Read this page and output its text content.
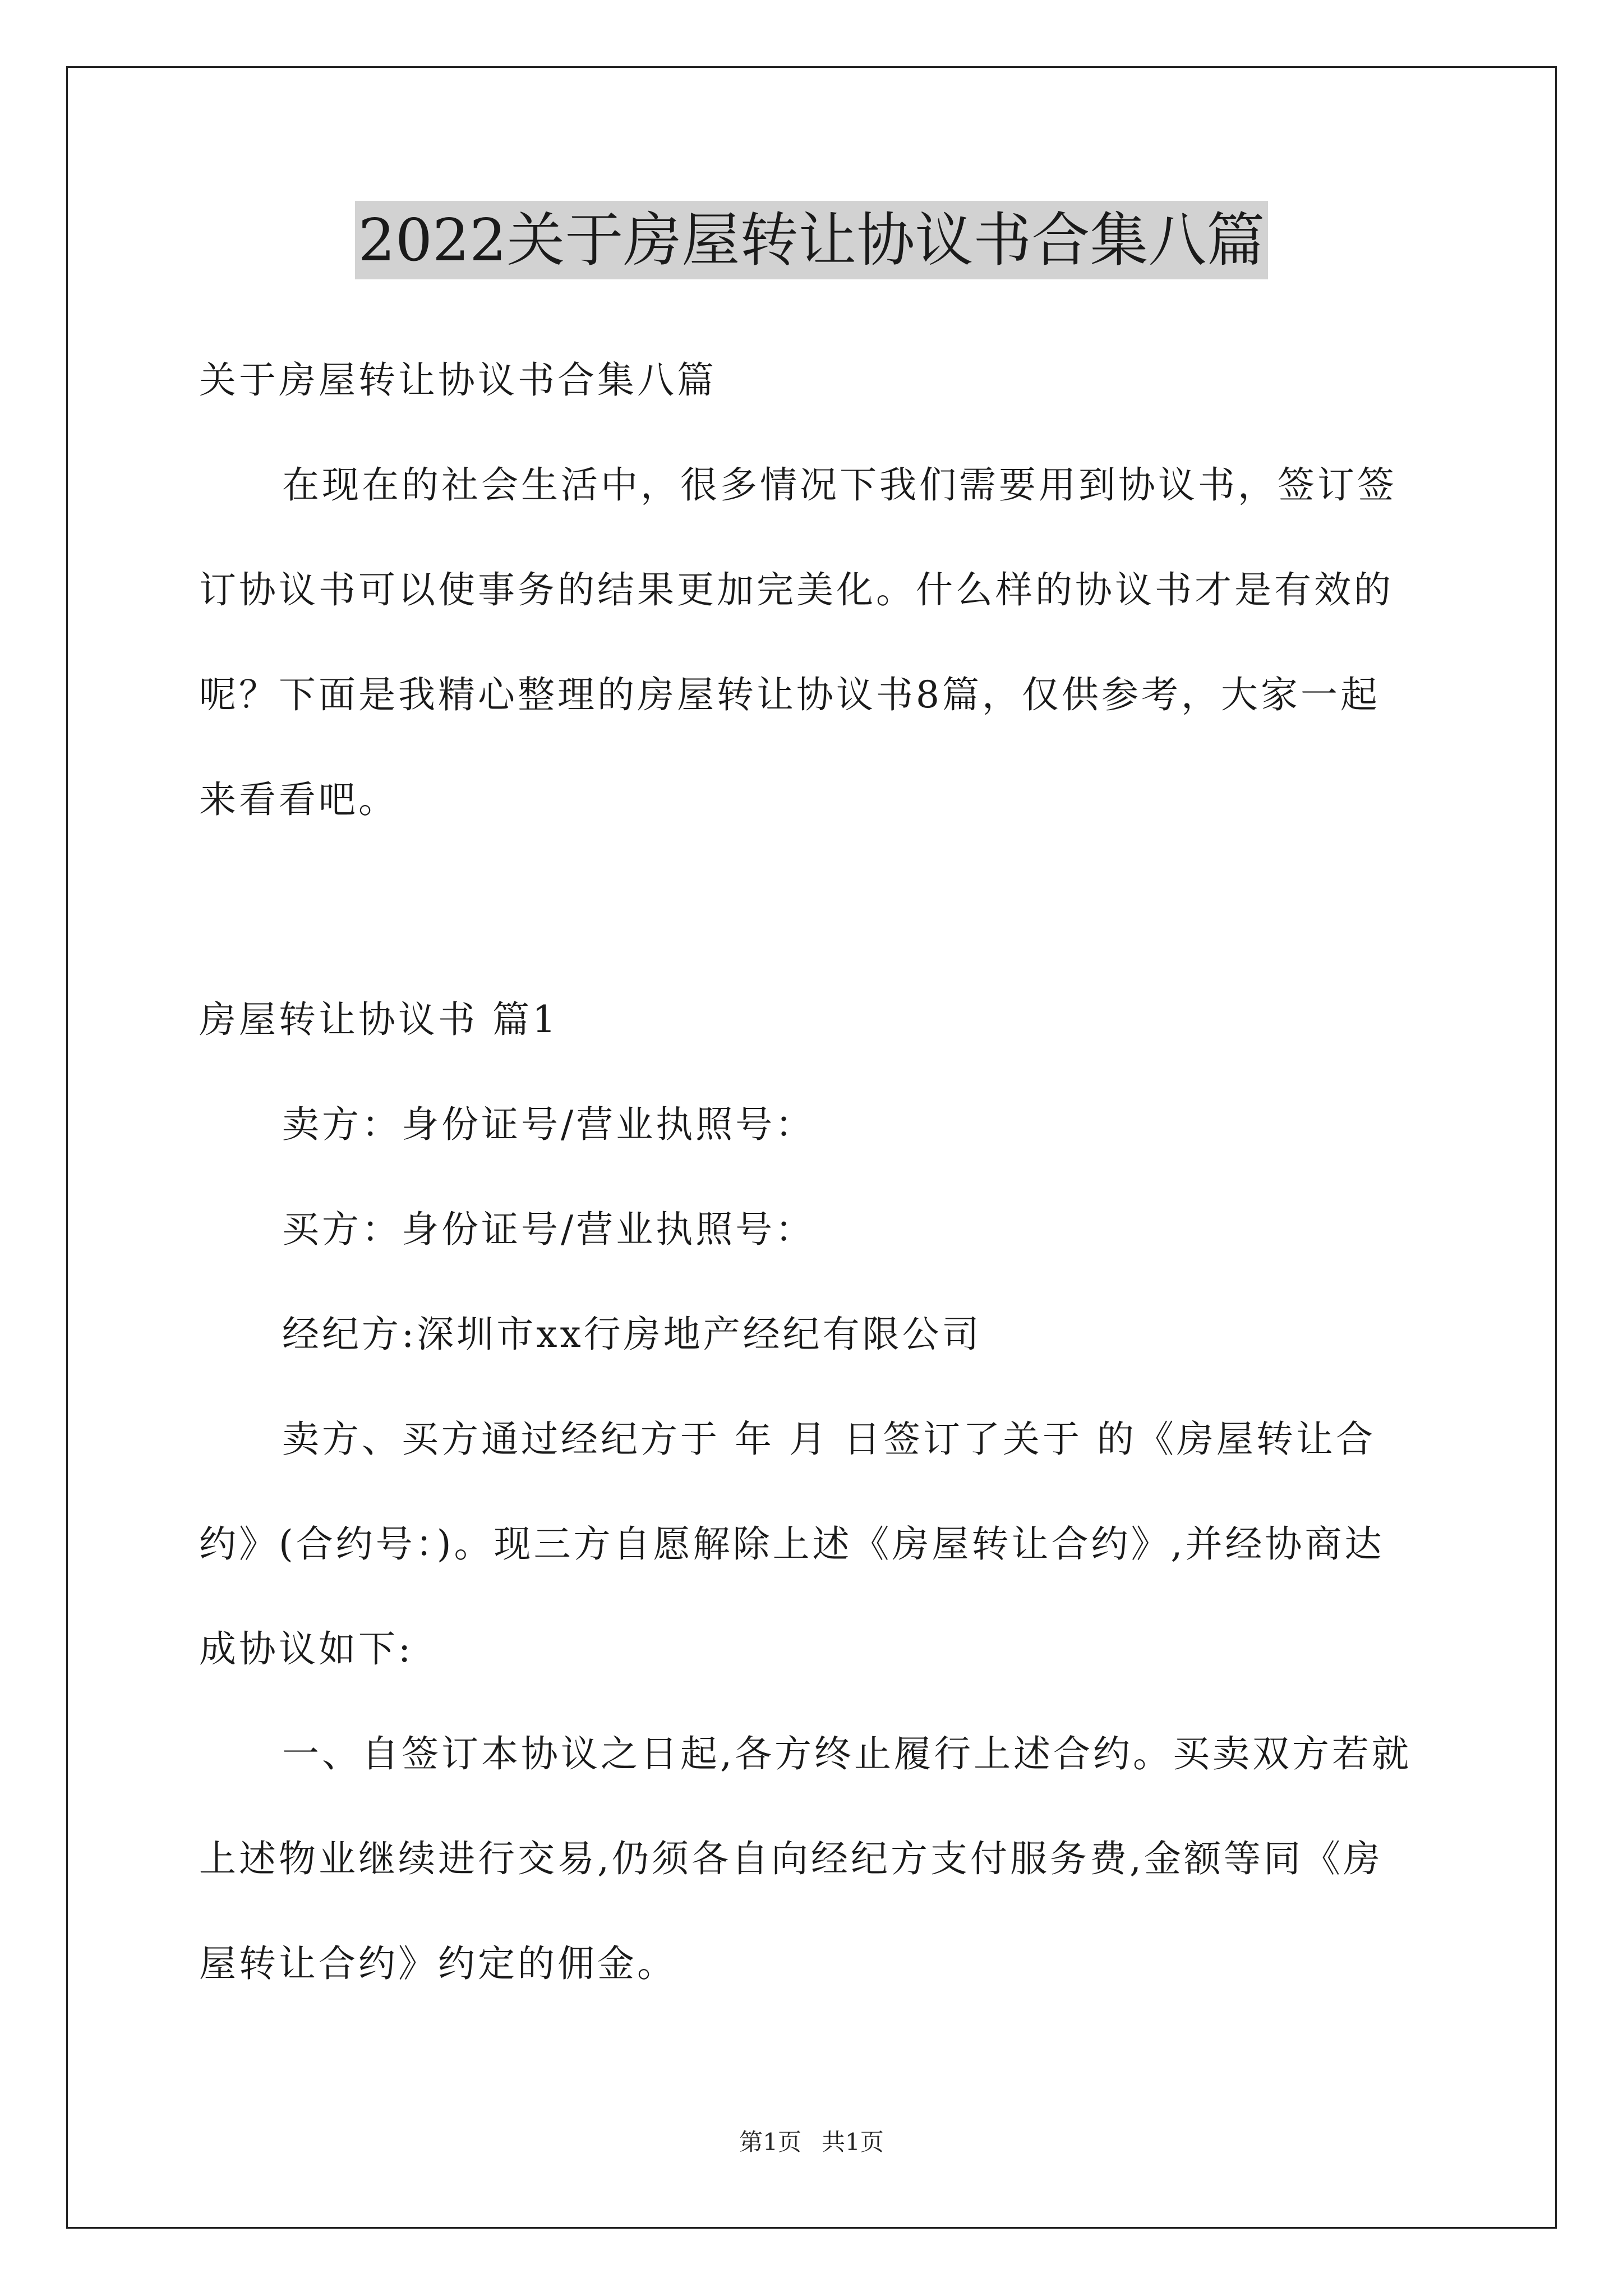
2022关于房屋转让协议书合集八篇
关于房屋转让协议书合集八篇
在现在的社会生活中，很多情况下我们需要用到协议书，签订签
订协议书可以使事务的结果更加完美化。什么样的协议书才是有效的
呢？下面是我精心整理的房屋转让协议书8篇，仅供参考，大家一起
来看看吧。
房屋转让协议书 篇1
卖方：身份证号/营业执照号：
买方：身份证号/营业执照号：
经纪方:深圳市xx行房地产经纪有限公司
卖方、买方通过经纪方于 年 月 日签订了关于 的《房屋转让合
约》(合约号：)。现三方自愿解除上述《房屋转让合约》,并经协商达
成协议如下:
一、自签订本协议之日起,各方终止履行上述合约。买卖双方若就
上述物业继续进行交易,仍须各自向经纪方支付服务费,金额等同《房
屋转让合约》约定的佣金。
第1页 共1页
